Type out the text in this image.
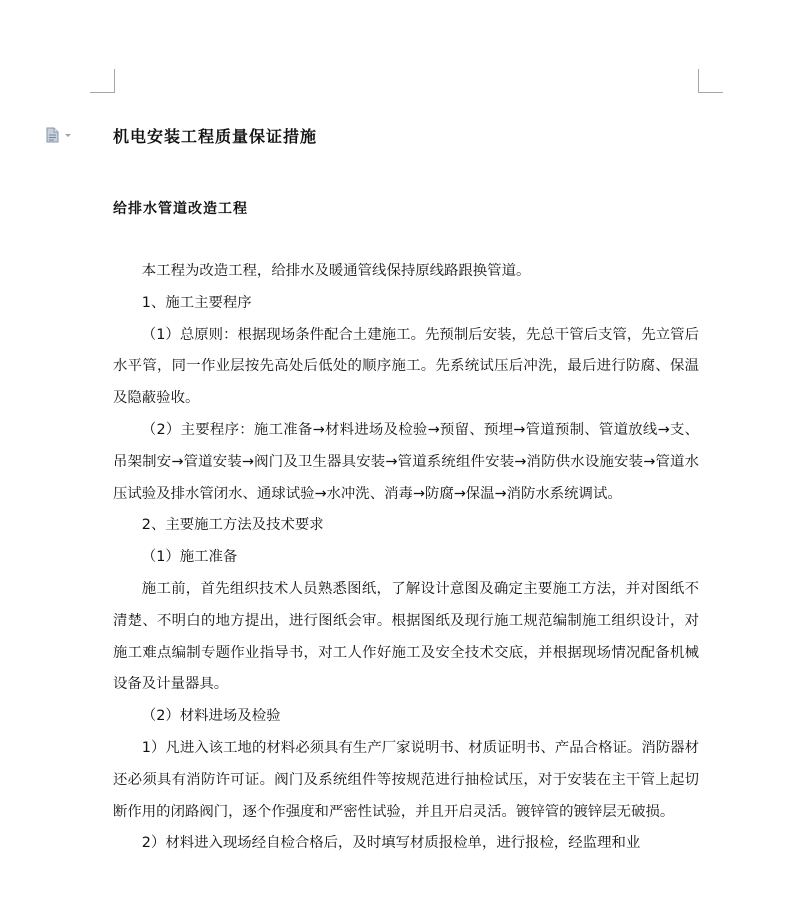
机电安装工程质量保证措施
给排水管道改造工程

本工程为改造工程，给排水及暖通管线保持原线路跟换管道。

1、施工主要程序

（1）总原则：根据现场条件配合土建施工。先预制后安装，先总干管后支管，先立管后水平管，同一作业层按先高处后低处的顺序施工。先系统试压后冲洗，最后进行防腐、保温及隐蔽验收。

（2）主要程序：施工准备→材料进场及检验→预留、预埋→管道预制、管道放线→支、吊架制安→管道安装→阀门及卫生器具安装→管道系统组件安装→消防供水设施安装→管道水压试验及排水管闭水、通球试验→水冲洗、消毒→防腐→保温→消防水系统调试。

2、主要施工方法及技术要求

（1）施工准备

施工前，首先组织技术人员熟悉图纸，了解设计意图及确定主要施工方法，并对图纸不清楚、不明白的地方提出，进行图纸会审。根据图纸及现行施工规范编制施工组织设计，对施工难点编制专题作业指导书，对工人作好施工及安全技术交底，并根据现场情况配备机械设备及计量器具。

（2）材料进场及检验

1）凡进入该工地的材料必须具有生产厂家说明书、材质证明书、产品合格证。消防器材还必须具有消防许可证。阀门及系统组件等按规范进行抽检试压，对于安装在主干管上起切断作用的闭路阀门，逐个作强度和严密性试验，并且开启灵活。镀锌管的镀锌层无破损。

2）材料进入现场经自检合格后，及时填写材质报检单，进行报检，经监理和业
